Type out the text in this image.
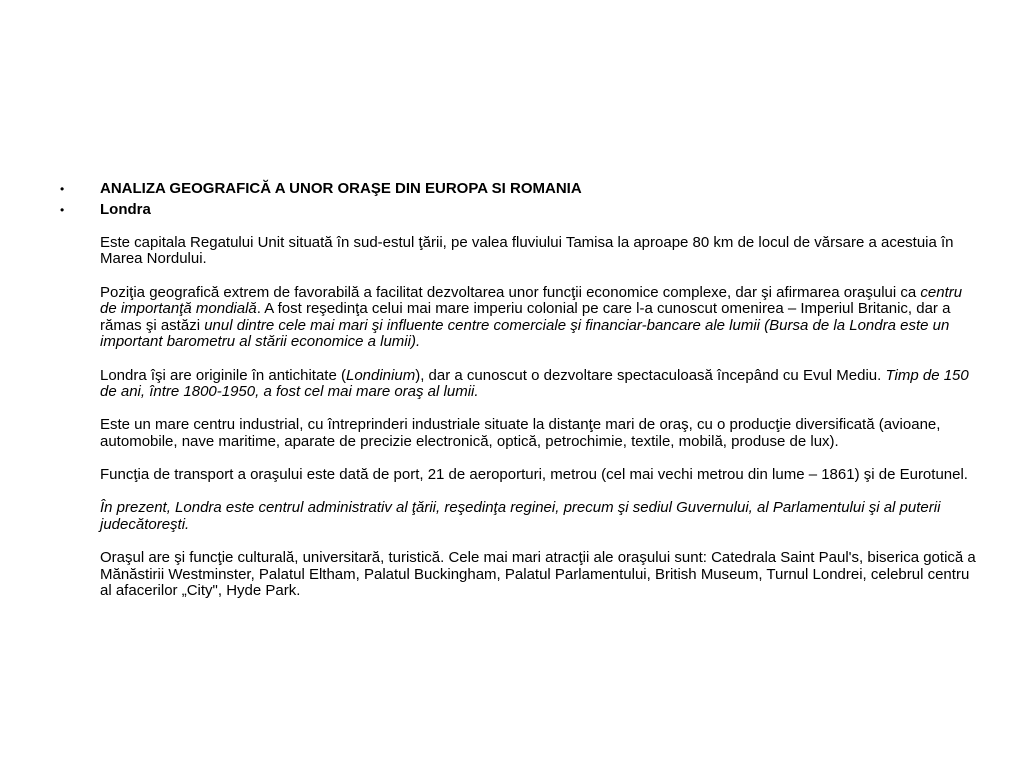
• ANALIZA GEOGRAFICĂ A UNOR ORAŞE DIN EUROPA SI ROMANIA
• Londra
Este capitala Regatului Unit situată în sud-estul ţării, pe valea fluviului Tamisa la aproape 80 km de locul de vărsare a acestuia în Marea Nordului.
Poziţia geografică extrem de favorabilă a facilitat dezvoltarea unor funcţii economice complexe, dar şi afirmarea oraşului ca centru de importanţă mondială. A fost reşedinţa celui mai mare imperiu colonial pe care l-a cunoscut omenirea – Imperiul Britanic, dar a rămas şi astăzi unul dintre cele mai mari şi influente centre comerciale şi financiar-bancare ale lumii (Bursa de la Londra este un important barometru al stării economice a lumii).
Londra îşi are originile în antichitate (Londinium), dar a cunoscut o dezvoltare spectaculoasă începând cu Evul Mediu. Timp de 150 de ani, între 1800-1950, a fost cel mai mare oraş al lumii.
Este un mare centru industrial, cu întreprinderi industriale situate la distanţe mari de oraş, cu o producţie diversificată (avioane, automobile, nave maritime, aparate de precizie electronică, optică, petrochimie, textile, mobilă, produse de lux).
Funcţia de transport a oraşului este dată de port, 21 de aeroporturi, metrou (cel mai vechi metrou din lume – 1861) şi de Eurotunel.
În prezent, Londra este centrul administrativ al ţării, reşedinţa reginei, precum şi sediul Guvernului, al Parlamentului şi al puterii judecătoreşti.
Oraşul are şi funcţie culturală, universitară, turistică. Cele mai mari atracţii ale oraşului sunt: Catedrala Saint Paul's, biserica gotică a Mănăstirii Westminster, Palatul Eltham, Palatul Buckingham, Palatul Parlamentului, British Museum, Turnul Londrei, celebrul centru al afacerilor „City", Hyde Park.
